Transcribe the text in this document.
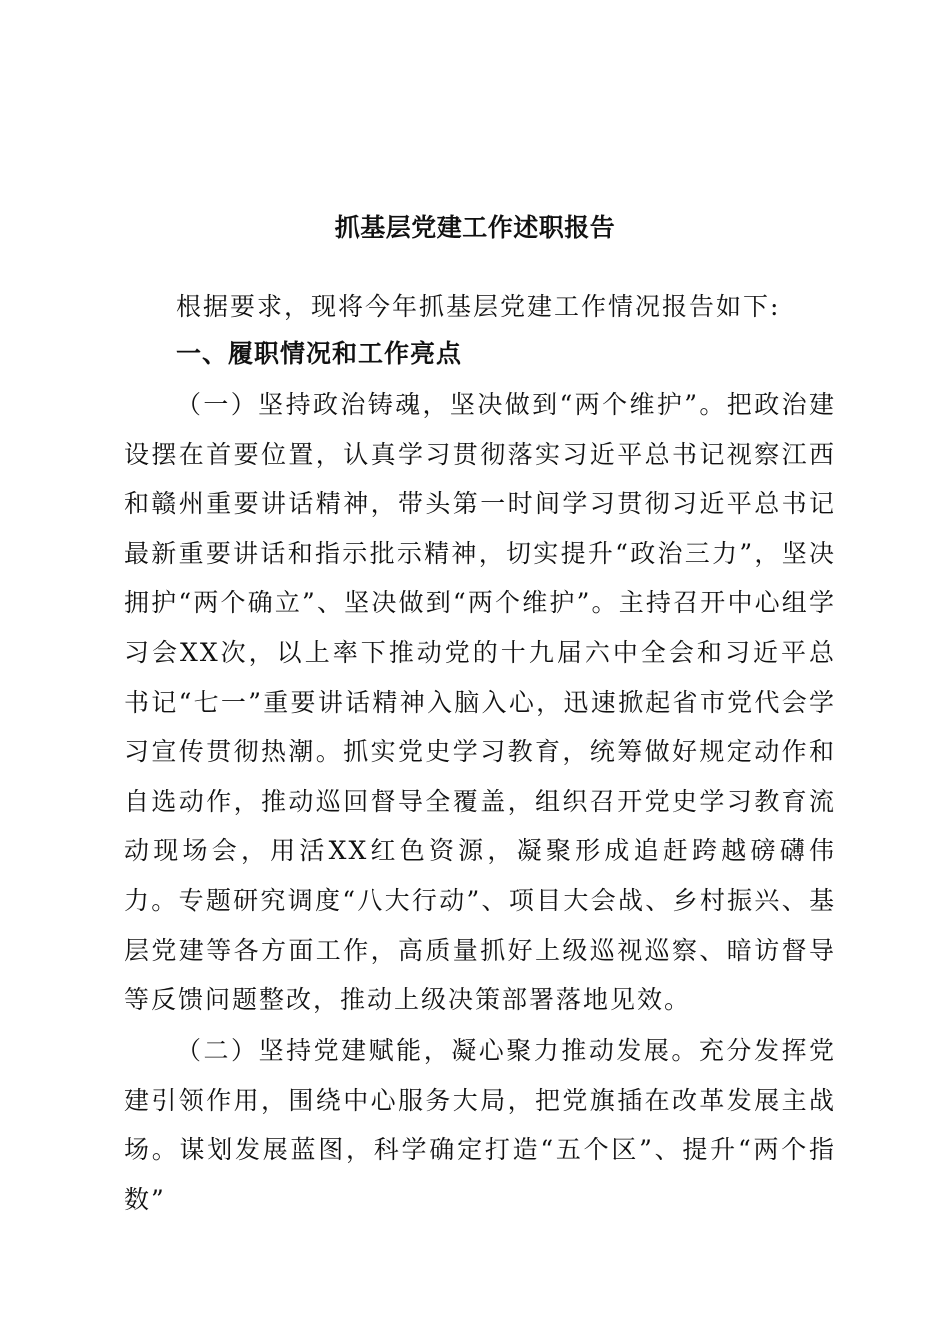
抓基层党建工作述职报告

根据要求，现将今年抓基层党建工作情况报告如下:

一、履职情况和工作亮点

（一）坚持政治铸魂，坚决做到“两个维护”。把政治建设摆在首要位置，认真学习贯彻落实习近平总书记视察江西和赣州重要讲话精神，带头第一时间学习贯彻习近平总书记最新重要讲话和指示批示精神，切实提升“政治三力”，坚决拥护“两个确立”、坚决做到“两个维护”。主持召开中心组学习会XX次，以上率下推动党的十九届六中全会和习近平总书记“七一”重要讲话精神入脑入心，迅速掀起省市党代会学习宣传贯彻热潮。抓实党史学习教育，统筹做好规定动作和自选动作，推动巡回督导全覆盖，组织召开党史学习教育流动现场会，用活XX红色资源，凝聚形成追赶跨越磅礴伟力。专题研究调度“八大行动”、项目大会战、乡村振兴、基层党建等各方面工作，高质量抓好上级巡视巡察、暗访督导等反馈问题整改，推动上级决策部署落地见效。

（二）坚持党建赋能，凝心聚力推动发展。充分发挥党建引领作用，围绕中心服务大局，把党旗插在改革发展主战场。谋划发展蓝图，科学确定打造“五个区”、提升“两个指数”
